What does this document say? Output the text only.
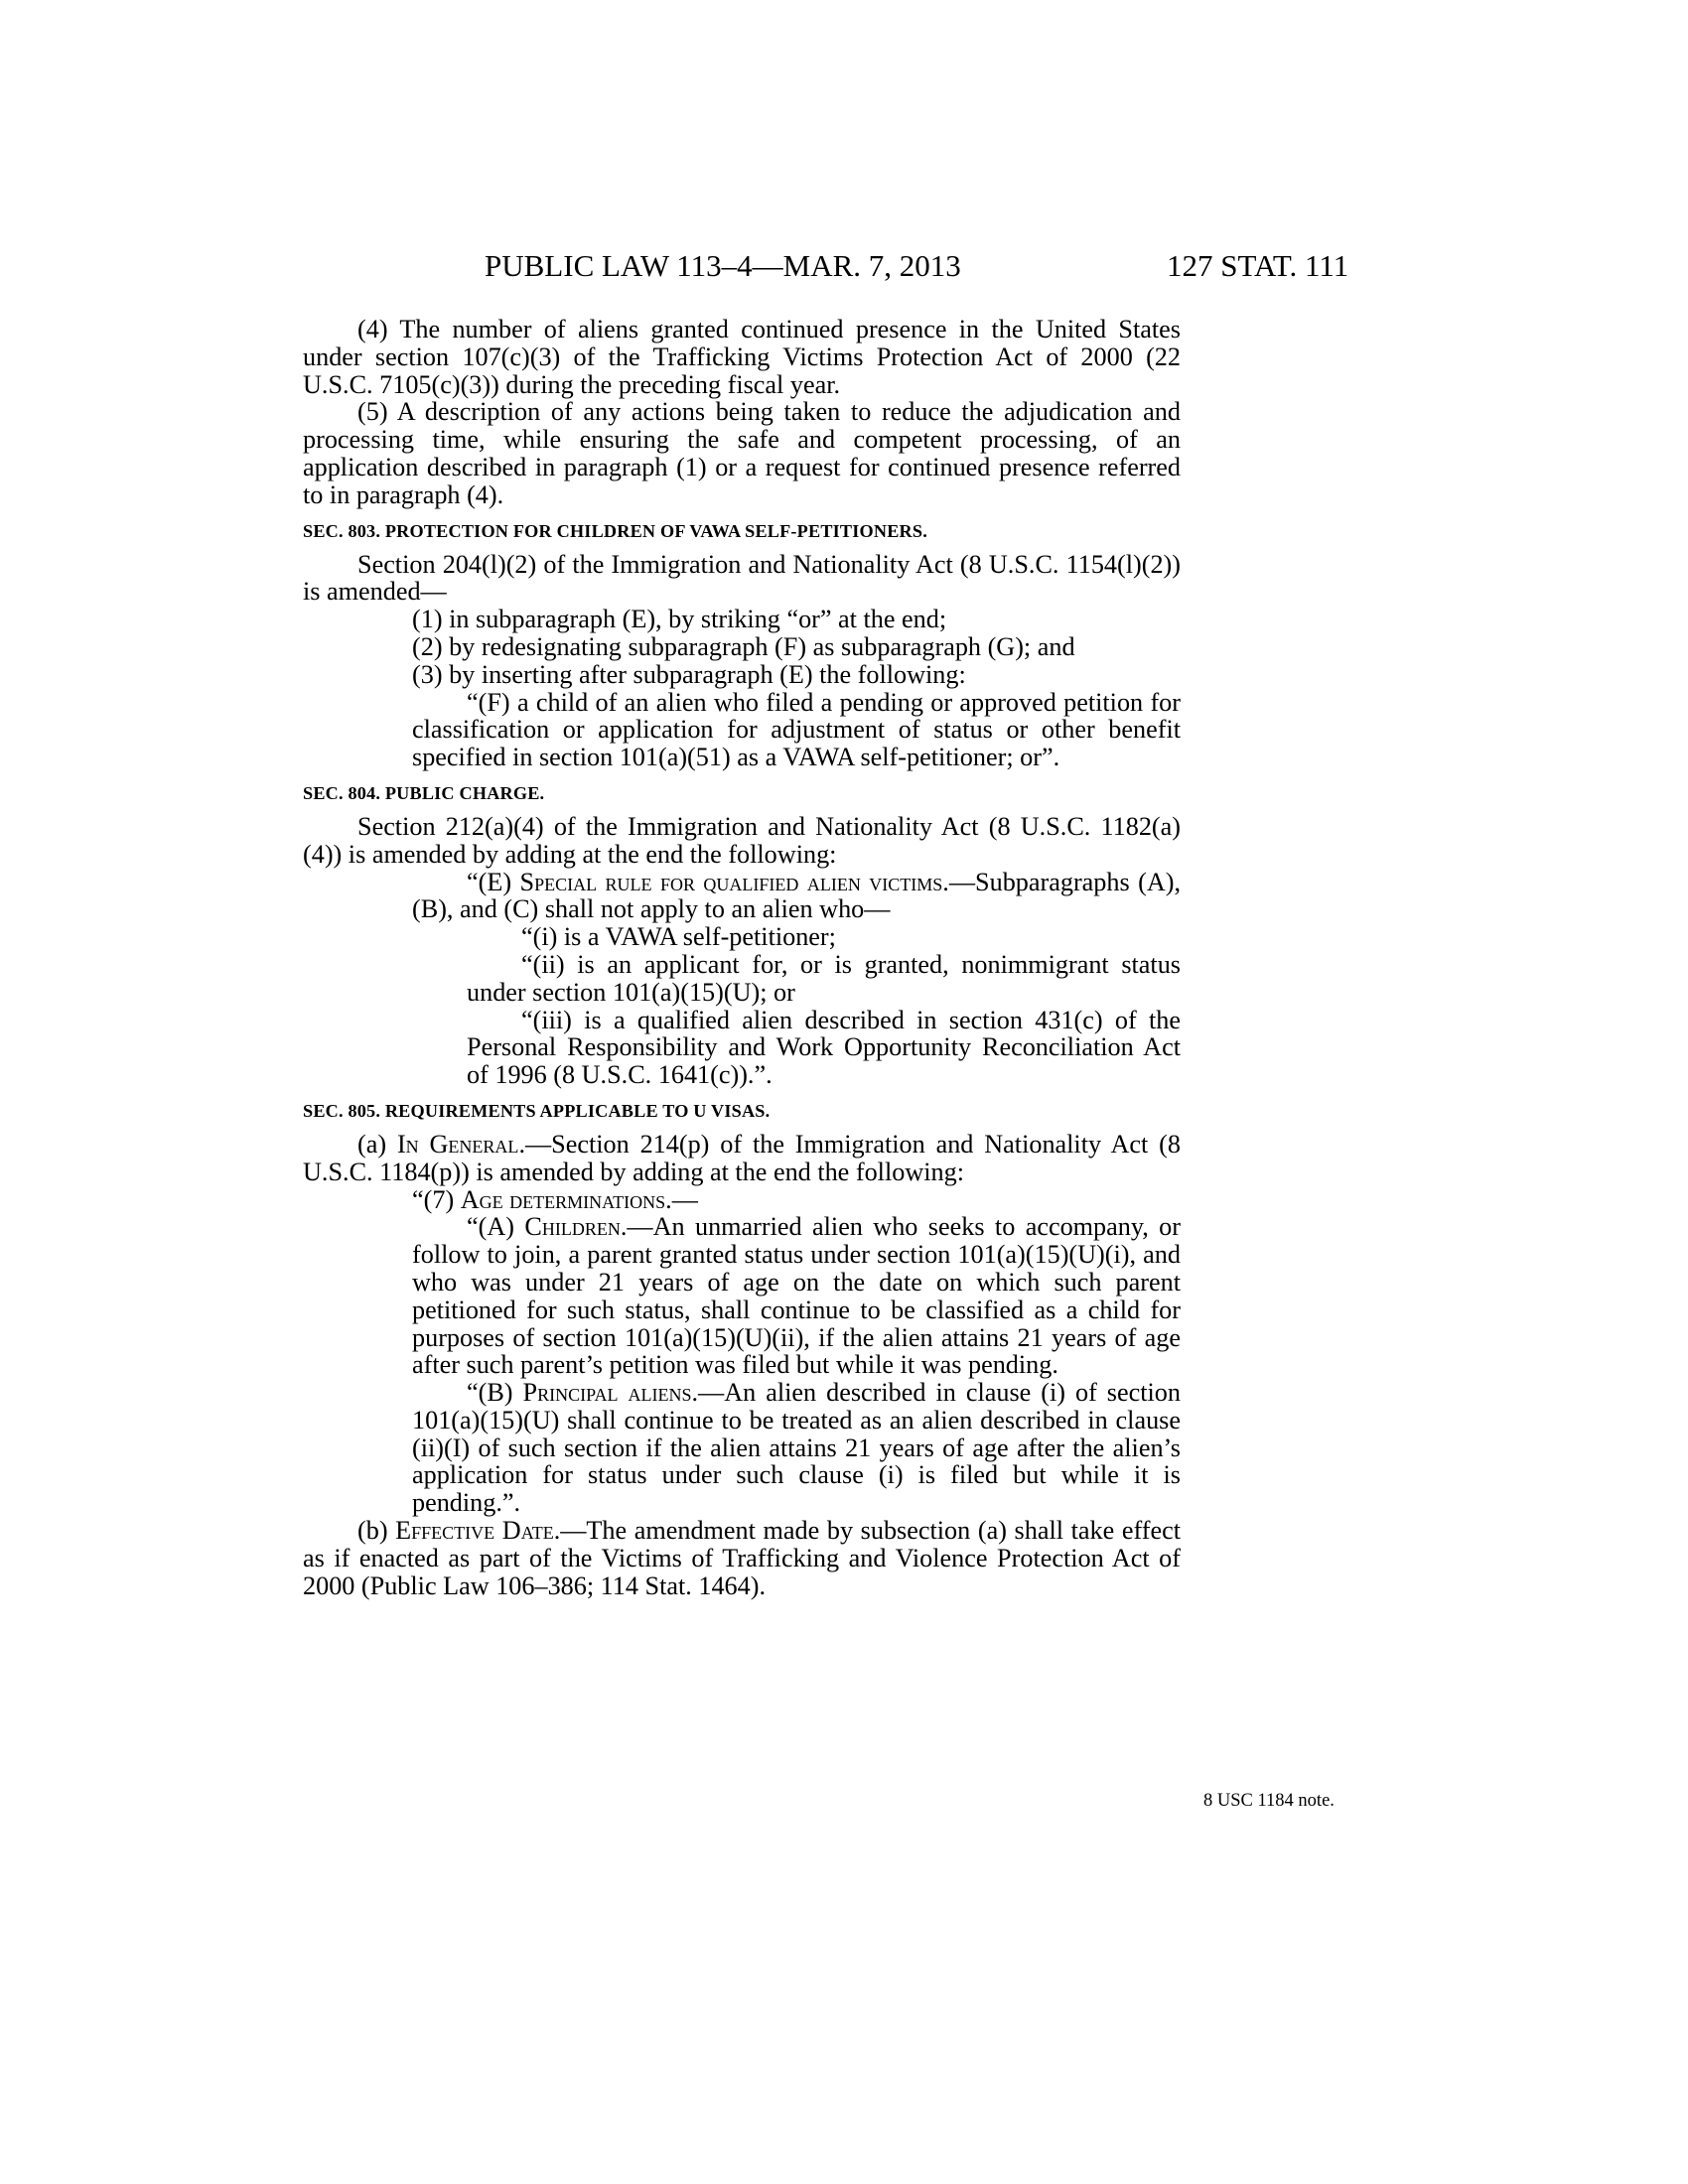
PUBLIC LAW 113–4—MAR. 7, 2013	127 STAT. 111

(4) The number of aliens granted continued presence in the United States under section 107(c)(3) of the Trafficking Victims Protection Act of 2000 (22 U.S.C. 7105(c)(3)) during the preceding fiscal year.

(5) A description of any actions being taken to reduce the adjudication and processing time, while ensuring the safe and competent processing, of an application described in paragraph (1) or a request for continued presence referred to in paragraph (4).

SEC. 803. PROTECTION FOR CHILDREN OF VAWA SELF-PETITIONERS.

Section 204(l)(2) of the Immigration and Nationality Act (8 U.S.C. 1154(l)(2)) is amended—

(1) in subparagraph (E), by striking “or” at the end;

(2) by redesignating subparagraph (F) as subparagraph (G); and

(3) by inserting after subparagraph (E) the following:

“(F) a child of an alien who filed a pending or approved petition for classification or application for adjustment of status or other benefit specified in section 101(a)(51) as a VAWA self-petitioner; or”.

SEC. 804. PUBLIC CHARGE.

Section 212(a)(4) of the Immigration and Nationality Act (8 U.S.C. 1182(a)(4)) is amended by adding at the end the following:

“(E) Special rule for qualified alien victims.—Subparagraphs (A), (B), and (C) shall not apply to an alien who—

“(i) is a VAWA self-petitioner;

“(ii) is an applicant for, or is granted, nonimmigrant status under section 101(a)(15)(U); or

“(iii) is a qualified alien described in section 431(c) of the Personal Responsibility and Work Opportunity Reconciliation Act of 1996 (8 U.S.C. 1641(c)).”.

SEC. 805. REQUIREMENTS APPLICABLE TO U VISAS.

(a) In General.—Section 214(p) of the Immigration and Nationality Act (8 U.S.C. 1184(p)) is amended by adding at the end the following:

“(7) Age determinations.—

“(A) Children.—An unmarried alien who seeks to accompany, or follow to join, a parent granted status under section 101(a)(15)(U)(i), and who was under 21 years of age on the date on which such parent petitioned for such status, shall continue to be classified as a child for purposes of section 101(a)(15)(U)(ii), if the alien attains 21 years of age after such parent’s petition was filed but while it was pending.

“(B) Principal aliens.—An alien described in clause (i) of section 101(a)(15)(U) shall continue to be treated as an alien described in clause (ii)(I) of such section if the alien attains 21 years of age after the alien’s application for status under such clause (i) is filed but while it is pending.”.

(b) Effective Date.—The amendment made by subsection (a) shall take effect as if enacted as part of the Victims of Trafficking and Violence Protection Act of 2000 (Public Law 106–386; 114 Stat. 1464).

8 USC 1184 note.
